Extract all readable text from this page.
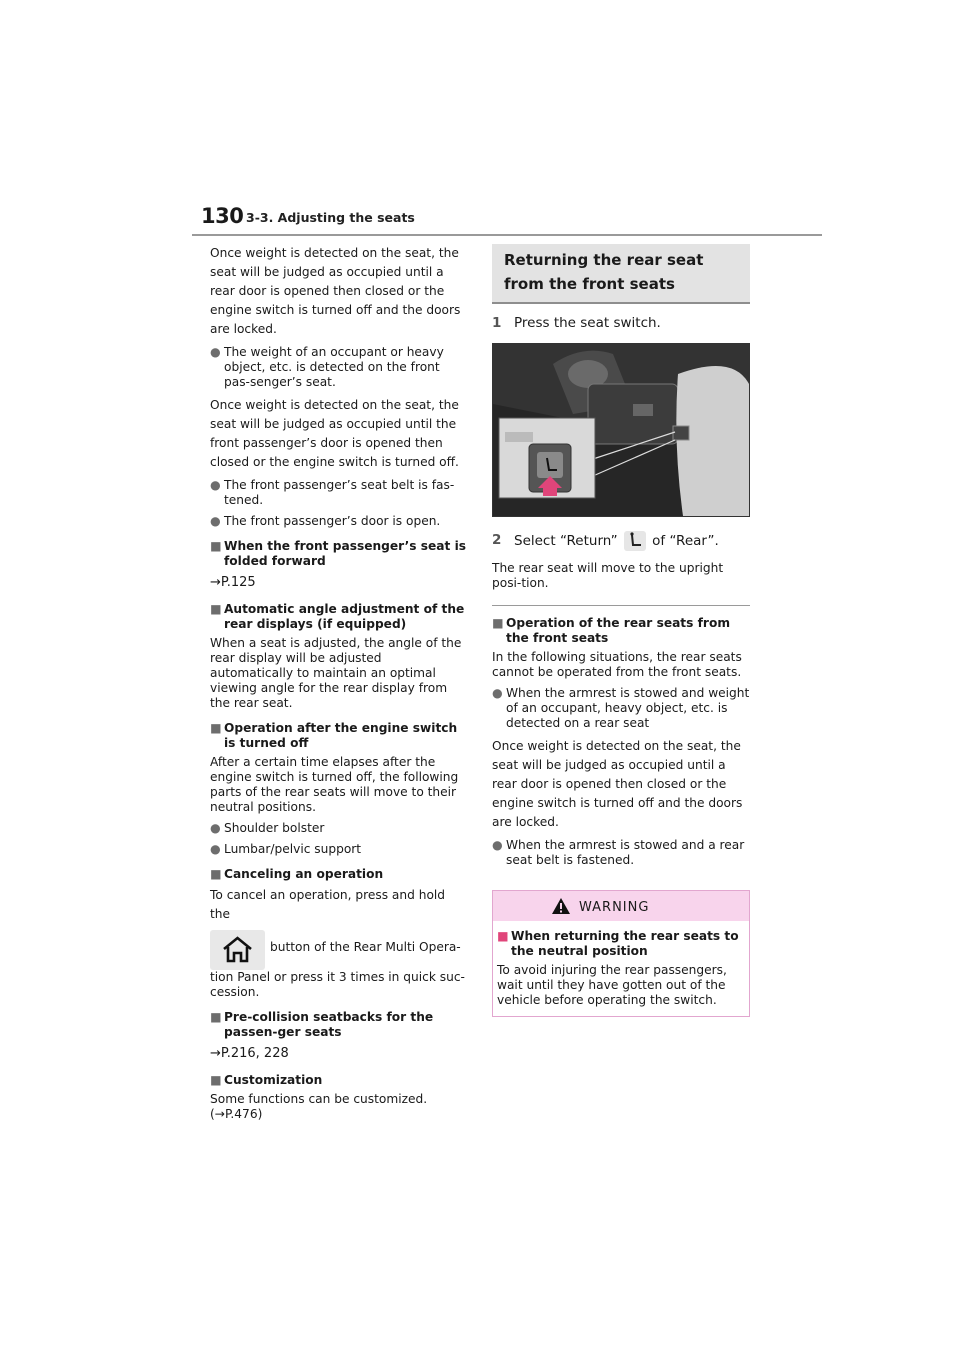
130 3-3. Adjusting the seats

Once weight is detected on the seat, the seat will be judged as occupied until a rear door is opened then closed or the engine switch is turned off and the doors are locked.

● The weight of an occupant or heavy object, etc. is detected on the front pas-senger’s seat.

Once weight is detected on the seat, the seat will be judged as occupied until the front passenger’s door is opened then closed or the engine switch is turned off.

● The front passenger’s seat belt is fas-tened.
● The front passenger’s door is open.
■ When the front passenger’s seat is folded forward
→P.125
■ Automatic angle adjustment of the rear displays (if equipped)

When a seat is adjusted, the angle of the rear display will be adjusted automatically to maintain an optimal viewing angle for the rear display from the rear seat.

■ Operation after the engine switch is turned off

After a certain time elapses after the engine switch is turned off, the following parts of the rear seats will move to their neutral positions.

● Shoulder bolster
● Lumbar/pelvic support
■ Canceling an operation

To cancel an operation, press and hold the

button of the Rear Multi Opera-

tion Panel or press it 3 times in quick suc-cession.

■ Pre-collision seatbacks for the passen-ger seats
→P.216, 228
■ Customization

Some functions can be customized.
(→P.476)

Returning the rear seat from the front seats
1 Press the seat switch.
2 Select “Return”	of “Rear”.

The rear seat will move to the upright posi-tion.

■ Operation of the rear seats from the front seats

In the following situations, the rear seats cannot be operated from the front seats.

● When the armrest is stowed and weight of an occupant, heavy object, etc. is detected on a rear seat

Once weight is detected on the seat, the seat will be judged as occupied until a rear door is opened then closed or the engine switch is turned off and the doors are locked.

● When the armrest is stowed and a rear seat belt is fastened.
WARNING
■ When returning the rear seats to the neutral position

To avoid injuring the rear passengers, wait until they have gotten out of the vehicle before operating the switch.
